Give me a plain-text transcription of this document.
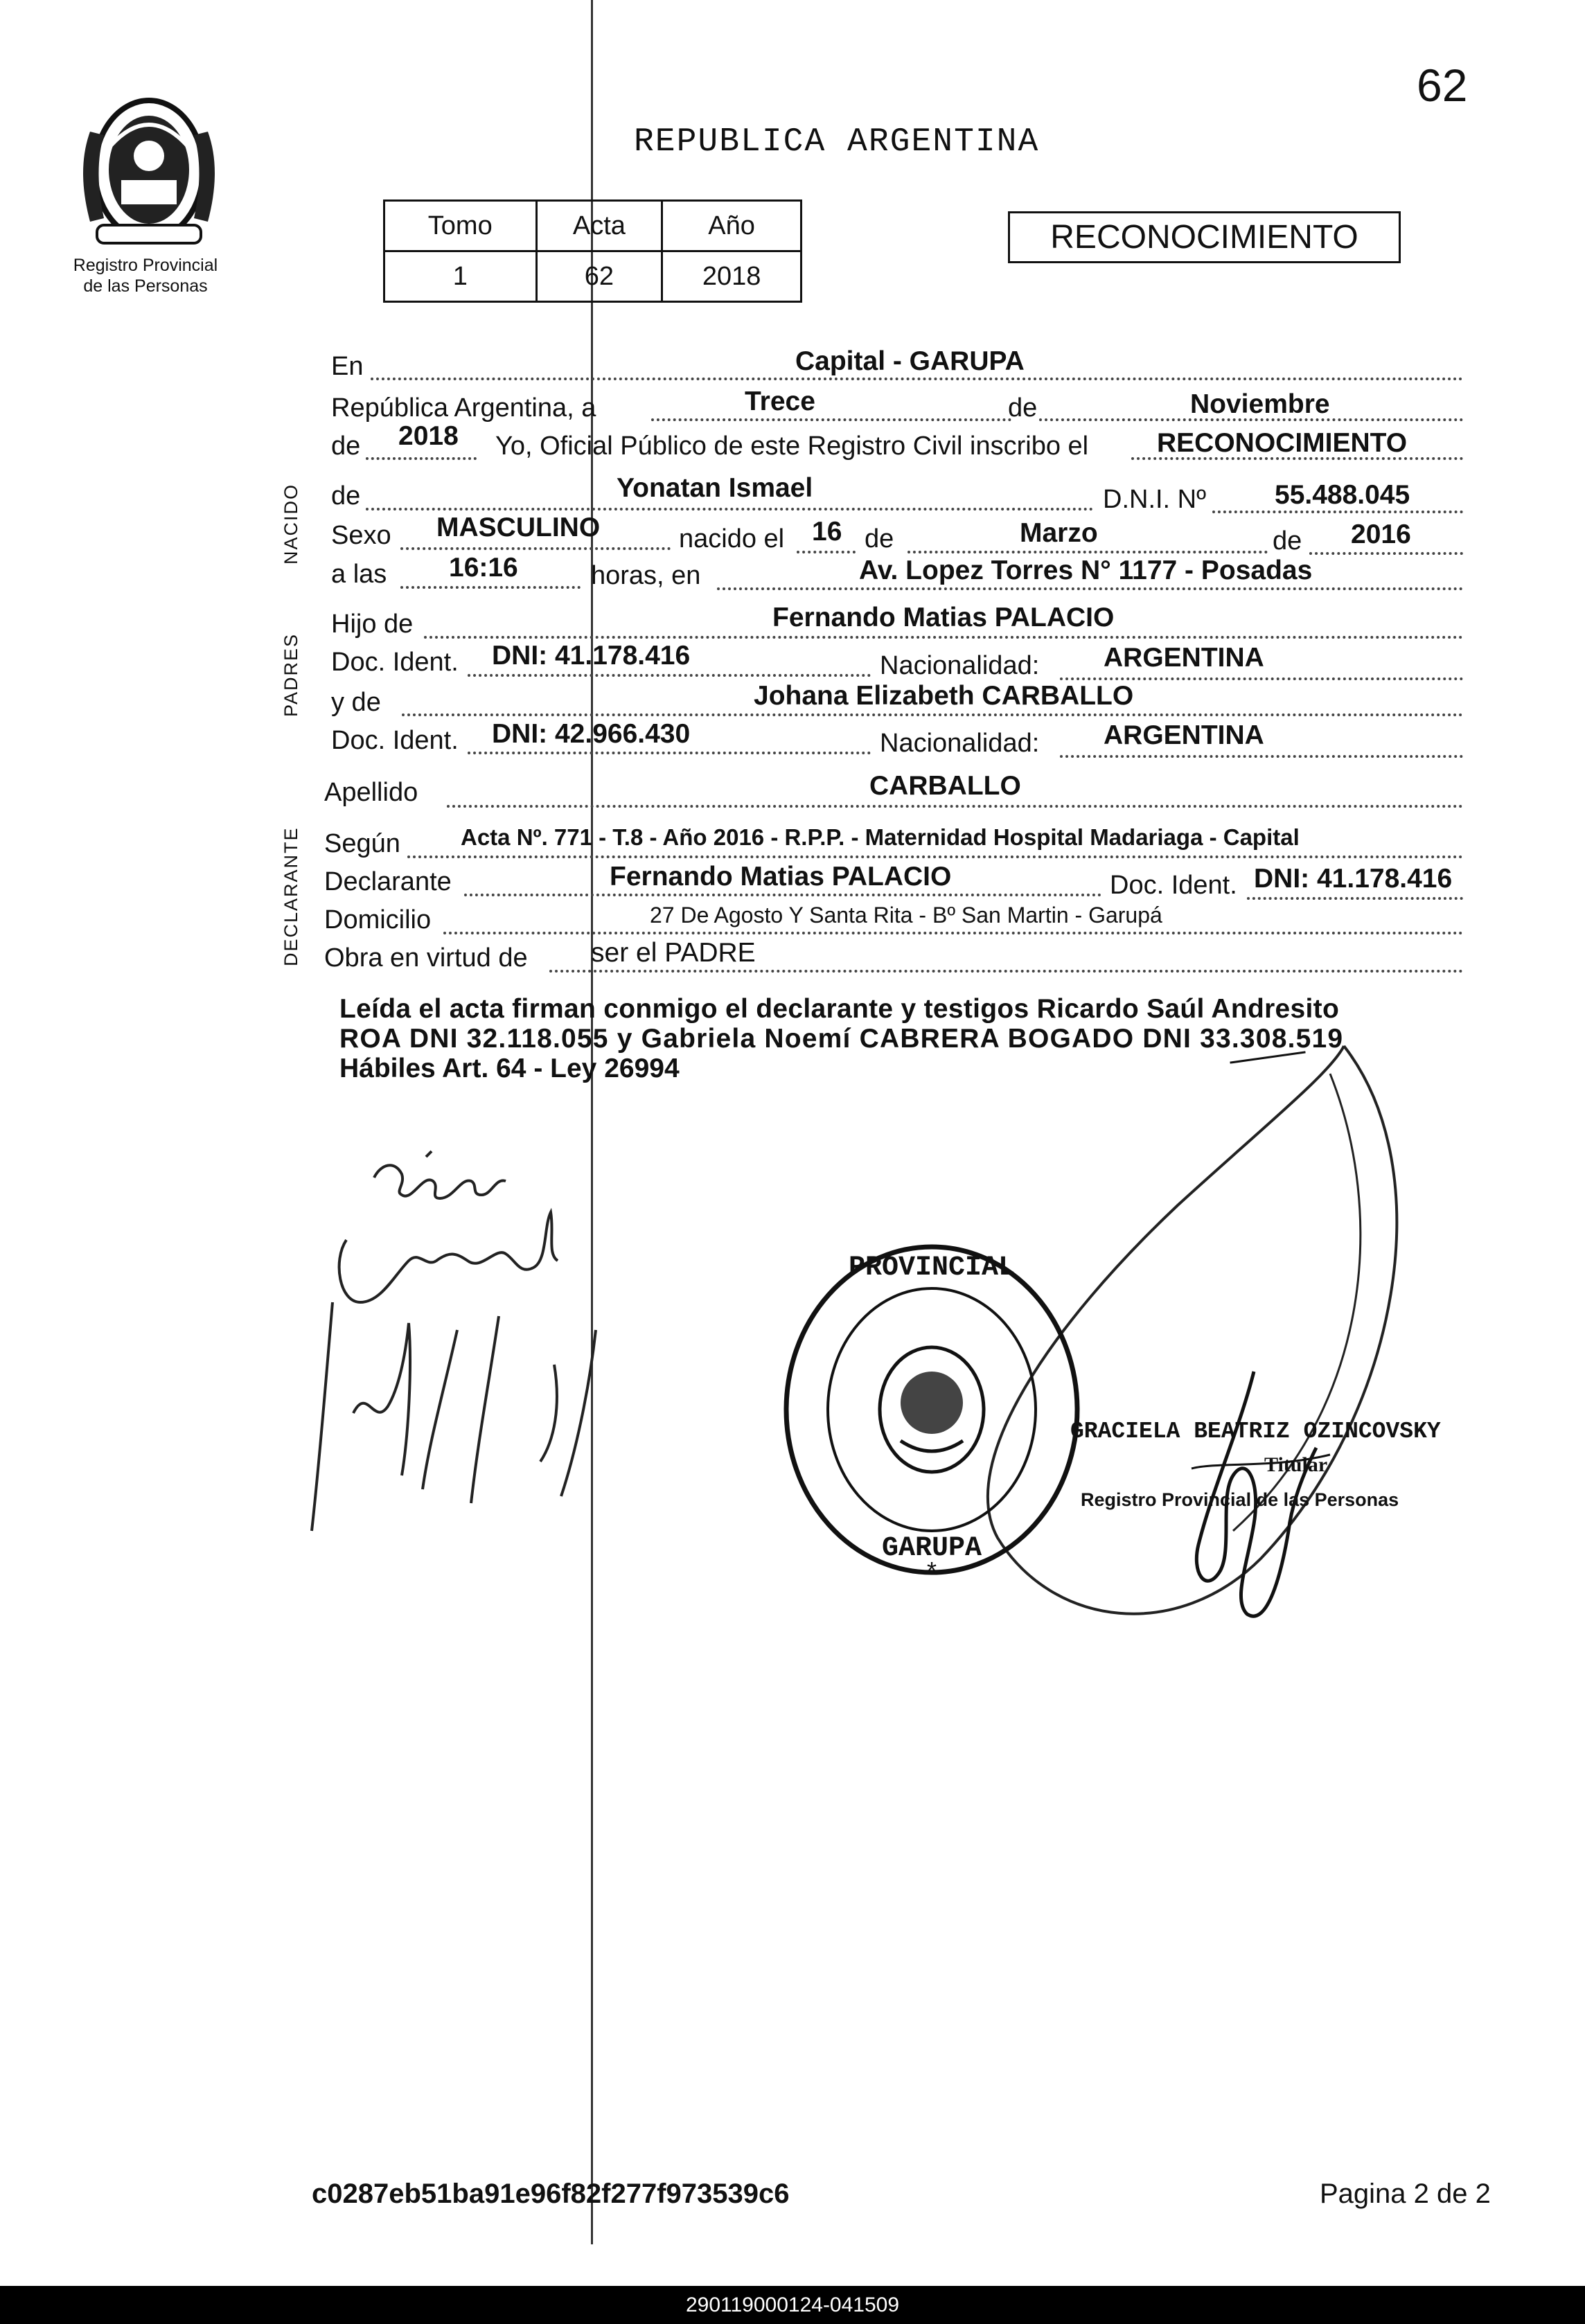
62
Registro Provincial
de las Personas
REPUBLICA ARGENTINA
Tomo	Acta	Año
1	62	2018
RECONOCIMIENTO
En	Capital - GARUPA
República Argentina, a	Trece	de	Noviembre
de 2018 Yo, Oficial Público de este Registro Civil inscribo el	RECONOCIMIENTO
NACIDO de	Yonatan Ismael	D.N.I. Nº	55.488.045
Sexo MASCULINO	nacido el 16 de	Marzo	de 2016
a las 16:16	horas, en	Av. Lopez Torres N° 1177 - Posadas
PADRES
Hijo de	Fernando Matias PALACIO
Doc. Ident. DNI: 41.178.416	Nacionalidad: ARGENTINA
y de	Johana Elizabeth CARBALLO
Doc. Ident. DNI: 42.966.430	Nacionalidad: ARGENTINA
Apellido	CARBALLO
DECLARANTE Según	Acta Nº. 771 - T.8 - Año 2016 - R.P.P. - Maternidad Hospital Madariaga - Capital
Declarante	Fernando Matias PALACIO	Doc. Ident. DNI: 41.178.416
Domicilio	27 De Agosto Y Santa Rita - Bº San Martin - Garupá
Obra en virtud de ser el PADRE
Leída el acta firman conmigo el declarante y testigos Ricardo Saúl Andresito
ROA DNI 32.118.055 y Gabriela Noemí CABRERA BOGADO DNI 33.308.519
Hábiles Art. 64 - Ley 26994
PROVINCIAL
GARUPA
*
GRACIELA BEATRIZ OZINCOVSKY
Titular
Registro Provincial de las Personas
c0287eb51ba91e96f82f277f973539c6	Pagina 2 de 2
290119000124-041509
